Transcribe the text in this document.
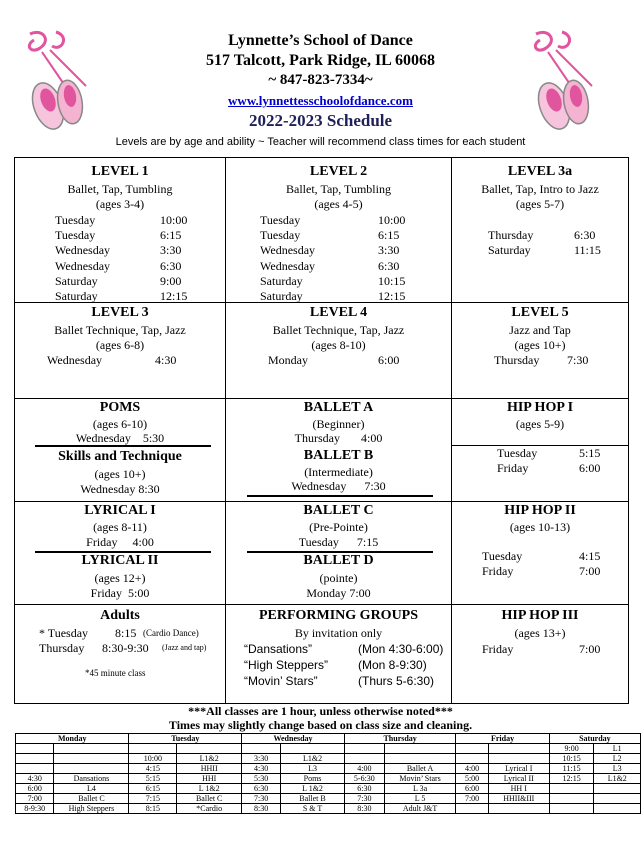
Lynnette’s School of Dance
517 Talcott, Park Ridge, IL 60068
~ 847-823-7334~
www.lynnettesschoolofdance.com
2022-2023 Schedule
Levels are by age and ability ~ Teacher will recommend class times for each student
LEVEL 1
Ballet, Tap, Tumbling
(ages 3-4)
Tuesday	10:00
Tuesday	6:15
Wednesday	3:30
Wednesday	6:30
Saturday	9:00
Saturday	12:15
LEVEL 2
Ballet, Tap, Tumbling
(ages 4-5)
Tuesday	10:00
Tuesday	6:15
Wednesday	3:30
Wednesday	6:30
Saturday	10:15
Saturday	12:15
LEVEL 3a
Ballet, Tap, Intro to Jazz
(ages 5-7)
Thursday	6:30
Saturday	11:15
LEVEL 3
Ballet Technique, Tap, Jazz
(ages 6-8)
Wednesday	4:30
LEVEL 4
Ballet Technique, Tap, Jazz
(ages 8-10)
Monday	6:00
LEVEL 5
Jazz and Tap
(ages 10+)
Thursday 7:30
POMS
(ages 6-10)
Wednesday    5:30
Skills and Technique
(ages 10+)
Wednesday 8:30
BALLET A
(Beginner)
Thursday       4:00
BALLET B
(Intermediate)
Wednesday      7:30
HIP HOP I
(ages 5-9)
Tuesday	5:15
Friday	6:00
LYRICAL I
(ages 8-11)
Friday     4:00
LYRICAL II
(ages 12+)
Friday  5:00
BALLET C
(Pre-Pointe)
Tuesday      7:15
BALLET D
(pointe)
Monday 7:00
HIP HOP II
(ages 10-13)
Tuesday	4:15
Friday	7:00
Adults
* Tuesday 8:15 (Cardio Dance)
Thursday 8:30-9:30 (Jazz and tap)
*45 minute class
PERFORMING GROUPS
By invitation only
“Dansations”	(Mon 4:30-6:00)
“High Steppers” (Mon 8-9:30)
“Movin’ Stars”	(Thurs 5-6:30)
HIP HOP III
(ages 13+)
Friday	7:00
***All classes are 1 hour, unless otherwise noted***
Times may slightly change based on class size and cleaning.
Monday		Tuesday		Wednesday		Thursday		Friday		Saturday	
										9:00	L1
		10:00	L1&2	3:30	L1&2					10:15	L2
		4:15	HHII	4:30	L3	4:00	Ballet A	4:00	Lyrical I	11:15	L3
4:30	Dansations	5:15	HHI	5:30	Poms	5-6:30	Movin’ Stars	5:00	Lyrical II	12:15	L1&2
6:00	L4	6:15	L 1&2	6:30	L 1&2	6:30	L 3a	6:00	HH I		
7:00	Ballet C	7:15	Ballet C	7:30	Ballet B	7:30	L 5	7:00	HHII&III		
8-9:30	High Steppers	8:15	*Cardio	8:30	S & T	8:30	Adult J&T				
